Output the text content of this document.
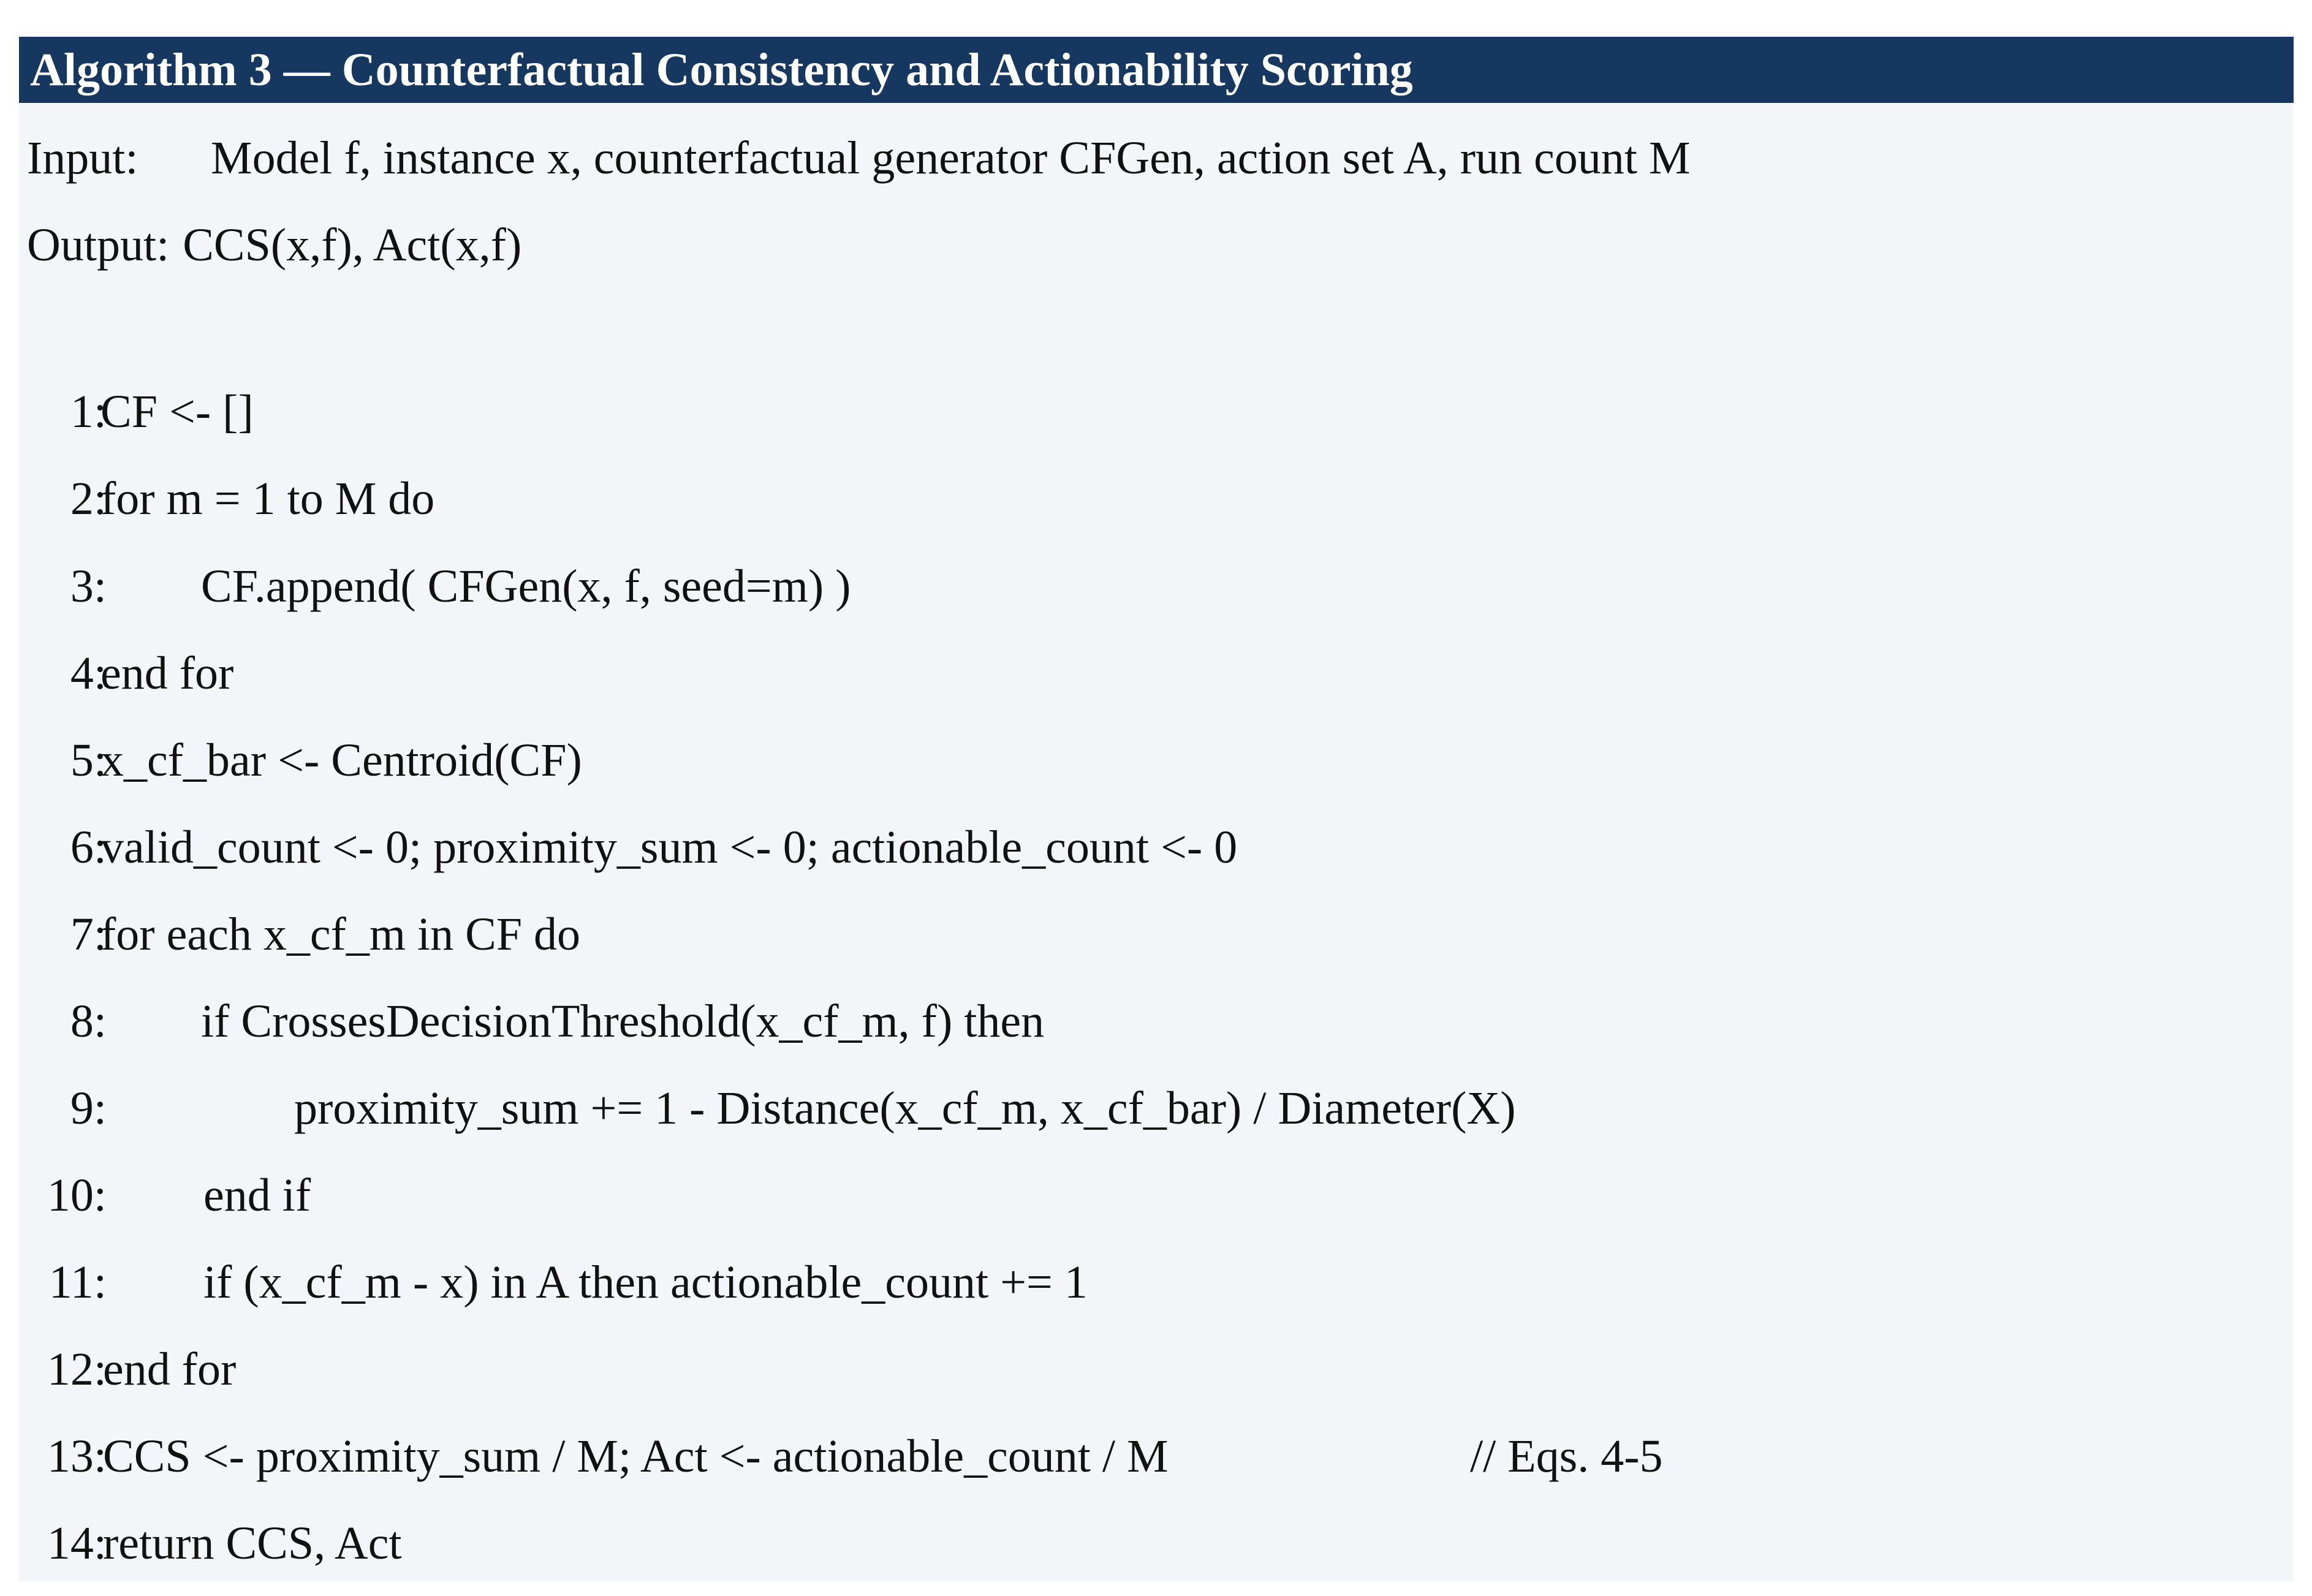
Algorithm 3 — Counterfactual Consistency and Actionability Scoring
Input: Model f, instance x, counterfactual generator CFGen, action set A, run count M
Output: CCS(x,f), Act(x,f)
1:
CF <- []
2:
for m = 1 to M do
3: CF.append( CFGen(x, f, seed=m) )
4:
end for
5:
x_cf_bar <- Centroid(CF)
6:
valid_count <- 0; proximity_sum <- 0; actionable_count <- 0
7:
for each x_cf_m in CF do
8: if CrossesDecisionThreshold(x_cf_m, f) then
9:	proximity_sum += 1 - Distance(x_cf_m, x_cf_bar) / Diameter(X)
10: end if
11: if (x_cf_m - x) in A then actionable_count += 1
12:
end for
13:
CCS <- proximity_sum / M; Act <- actionable_count / M	// Eqs. 4-5
14:
return CCS, Act
